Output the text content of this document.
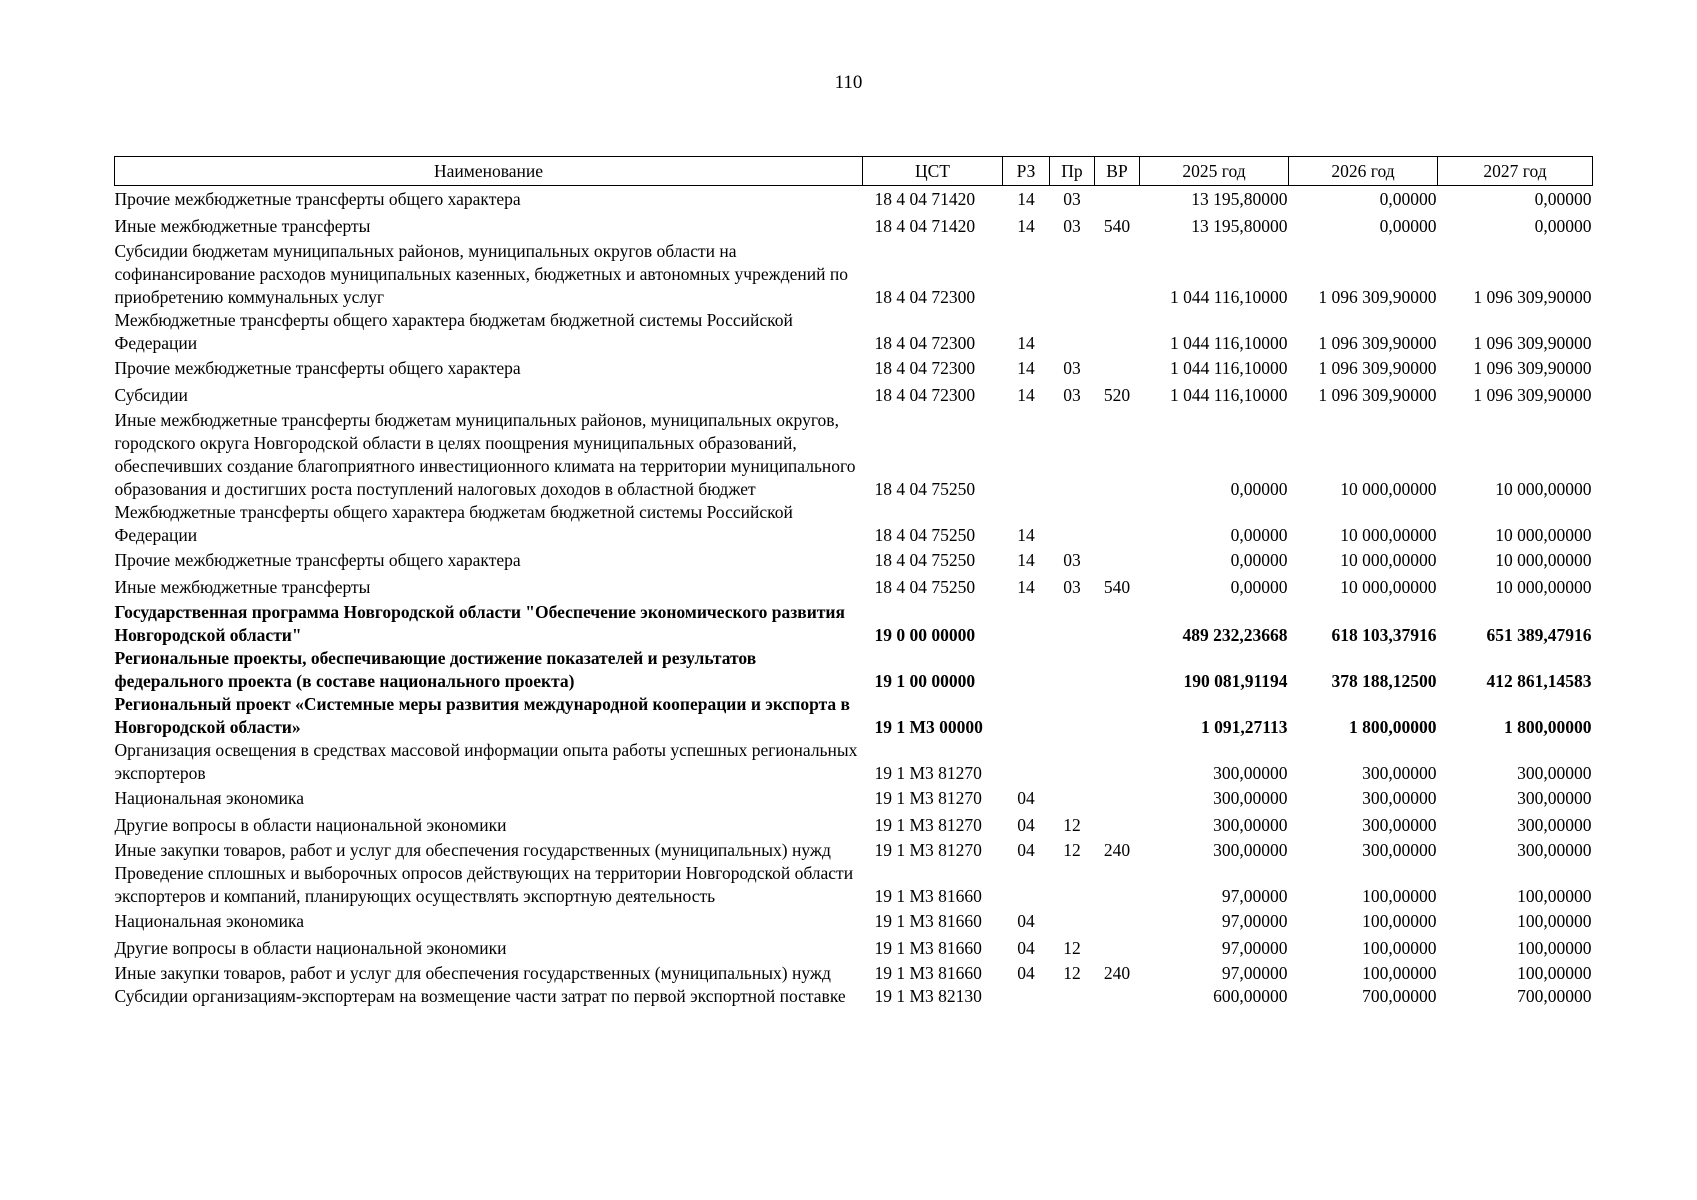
110
Наименование	ЦСТ	РЗ	Пр	ВР	2025 год	2026 год	2027 год
Прочие межбюджетные трансферты общего характера	18 4 04 71420	14	03		13 195,80000	0,00000	0,00000
Иные межбюджетные трансферты	18 4 04 71420	14	03	540	13 195,80000	0,00000	0,00000
Субсидии бюджетам муниципальных районов, муниципальных округов области на софинансирование расходов муниципальных казенных, бюджетных и автономных учреждений по приобретению коммунальных услуг	18 4 04 72300				1 044 116,10000	1 096 309,90000	1 096 309,90000
Межбюджетные трансферты общего характера бюджетам бюджетной системы Российской Федерации	18 4 04 72300	14			1 044 116,10000	1 096 309,90000	1 096 309,90000
Прочие межбюджетные трансферты общего характера	18 4 04 72300	14	03		1 044 116,10000	1 096 309,90000	1 096 309,90000
Субсидии	18 4 04 72300	14	03	520	1 044 116,10000	1 096 309,90000	1 096 309,90000
Иные межбюджетные трансферты бюджетам муниципальных районов, муниципальных округов, городского округа Новгородской области в целях поощрения муниципальных образований, обеспечивших создание благоприятного инвестиционного климата на территории муниципального образования и достигших роста поступлений налоговых доходов в областной бюджет	18 4 04 75250				0,00000	10 000,00000	10 000,00000
Межбюджетные трансферты общего характера бюджетам бюджетной системы Российской Федерации	18 4 04 75250	14			0,00000	10 000,00000	10 000,00000
Прочие межбюджетные трансферты общего характера	18 4 04 75250	14	03		0,00000	10 000,00000	10 000,00000
Иные межбюджетные трансферты	18 4 04 75250	14	03	540	0,00000	10 000,00000	10 000,00000
Государственная программа Новгородской области "Обеспечение экономического развития Новгородской области"	19 0 00 00000				489 232,23668	618 103,37916	651 389,47916
Региональные проекты, обеспечивающие достижение показателей и результатов федерального проекта (в составе национального проекта)	19 1 00 00000				190 081,91194	378 188,12500	412 861,14583
Региональный проект «Системные меры развития международной кооперации и экспорта в Новгородской области»	19 1 М3 00000				1 091,27113	1 800,00000	1 800,00000
Организация освещения в средствах массовой информации опыта работы успешных региональных экспортеров	19 1 М3 81270				300,00000	300,00000	300,00000
Национальная экономика	19 1 М3 81270	04			300,00000	300,00000	300,00000
Другие вопросы в области национальной экономики	19 1 М3 81270	04	12		300,00000	300,00000	300,00000
Иные закупки товаров, работ и услуг для обеспечения государственных (муниципальных) нужд	19 1 М3 81270	04	12	240	300,00000	300,00000	300,00000
Проведение сплошных и выборочных опросов действующих на территории Новгородской области экспортеров и компаний, планирующих осуществлять экспортную деятельность	19 1 М3 81660				97,00000	100,00000	100,00000
Национальная экономика	19 1 М3 81660	04			97,00000	100,00000	100,00000
Другие вопросы в области национальной экономики	19 1 М3 81660	04	12		97,00000	100,00000	100,00000
Иные закупки товаров, работ и услуг для обеспечения государственных (муниципальных) нужд	19 1 М3 81660	04	12	240	97,00000	100,00000	100,00000
Субсидии организациям-экспортерам на возмещение части затрат по первой экспортной поставке	19 1 М3 82130				600,00000	700,00000	700,00000
